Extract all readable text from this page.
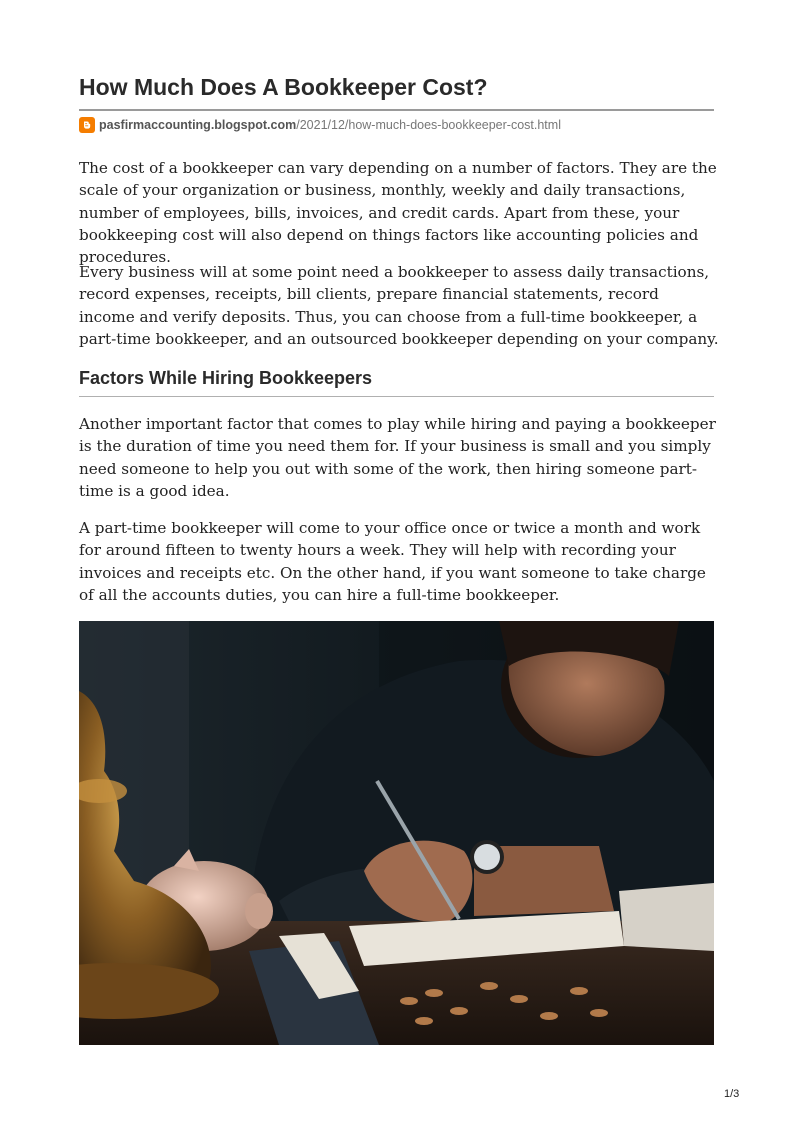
How Much Does A Bookkeeper Cost?
pasfirmaccounting.blogspot.com /2021/12/how-much-does-bookkeeper-cost.html

The cost of a bookkeeper can vary depending on a number of factors. They are the scale of your organization or business, monthly, weekly and daily transactions, number of employees, bills, invoices, and credit cards. Apart from these, your bookkeeping cost will also depend on things factors like accounting policies and procedures.

Every business will at some point need a bookkeeper to assess daily transactions, record expenses, receipts, bill clients, prepare financial statements, record income and verify deposits. Thus, you can choose from a full-time bookkeeper, a part-time bookkeeper, and an outsourced bookkeeper depending on your company.

Factors While Hiring Bookkeepers

Another important factor that comes to play while hiring and paying a bookkeeper is the duration of time you need them for. If your business is small and you simply need someone to help you out with some of the work, then hiring someone part-time is a good idea.

A part-time bookkeeper will come to your office once or twice a month and work for around fifteen to twenty hours a week. They will help with recording your invoices and receipts etc. On the other hand, if you want someone to take charge of all the accounts duties, you can hire a full-time bookkeeper.

1/3
